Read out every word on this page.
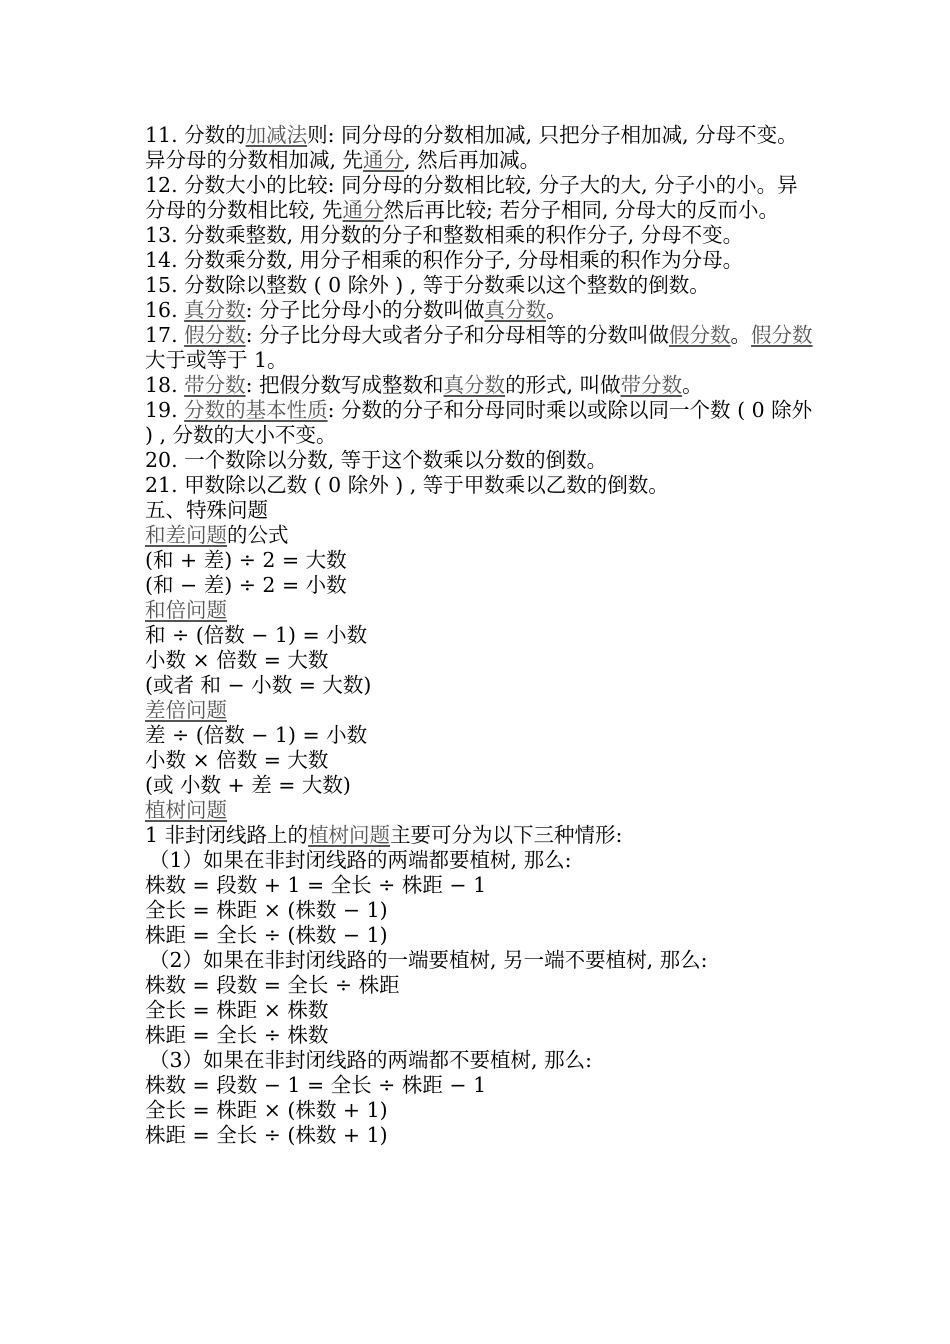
11. 分数的加减法则: 同分母的分数相加减, 只把分子相加减, 分母不变。异分母的分数相加减, 先通分, 然后再加减。

12. 分数大小的比较: 同分母的分数相比较, 分子大的大, 分子小的小。异分母的分数相比较, 先通分然后再比较; 若分子相同, 分母大的反而小。

13. 分数乘整数, 用分数的分子和整数相乘的积作分子, 分母不变。

14. 分数乘分数, 用分子相乘的积作分子, 分母相乘的积作为分母。

15. 分数除以整数 ( 0 除外 ) , 等于分数乘以这个整数的倒数。

16. 真分数: 分子比分母小的分数叫做真分数。

17. 假分数: 分子比分母大或者分子和分母相等的分数叫做假分数。假分数大于或等于 1。

18. 带分数: 把假分数写成整数和真分数的形式, 叫做带分数。

19. 分数的基本性质: 分数的分子和分母同时乘以或除以同一个数 ( 0 除外 ) , 分数的大小不变。

20. 一个数除以分数, 等于这个数乘以分数的倒数。

21. 甲数除以乙数 ( 0 除外 ) , 等于甲数乘以乙数的倒数。

五、特殊问题

和差问题的公式

(和 + 差) ÷ 2 = 大数

(和 − 差) ÷ 2 = 小数

和倍问题

和 ÷ (倍数 − 1) = 小数

小数 × 倍数 = 大数

(或者 和 − 小数 = 大数)

差倍问题

差 ÷ (倍数 − 1) = 小数

小数 × 倍数 = 大数

(或 小数 + 差 = 大数)

植树问题

1 非封闭线路上的植树问题主要可分为以下三种情形:

（1）如果在非封闭线路的两端都要植树, 那么:

株数 = 段数 + 1 = 全长 ÷ 株距 − 1

全长 = 株距 × (株数 − 1)

株距 = 全长 ÷ (株数 − 1)

（2）如果在非封闭线路的一端要植树, 另一端不要植树, 那么:

株数 = 段数 = 全长 ÷ 株距

全长 = 株距 × 株数

株距 = 全长 ÷ 株数

（3）如果在非封闭线路的两端都不要植树, 那么:

株数 = 段数 − 1 = 全长 ÷ 株距 − 1

全长 = 株距 × (株数 + 1)

株距 = 全长 ÷ (株数 + 1)
